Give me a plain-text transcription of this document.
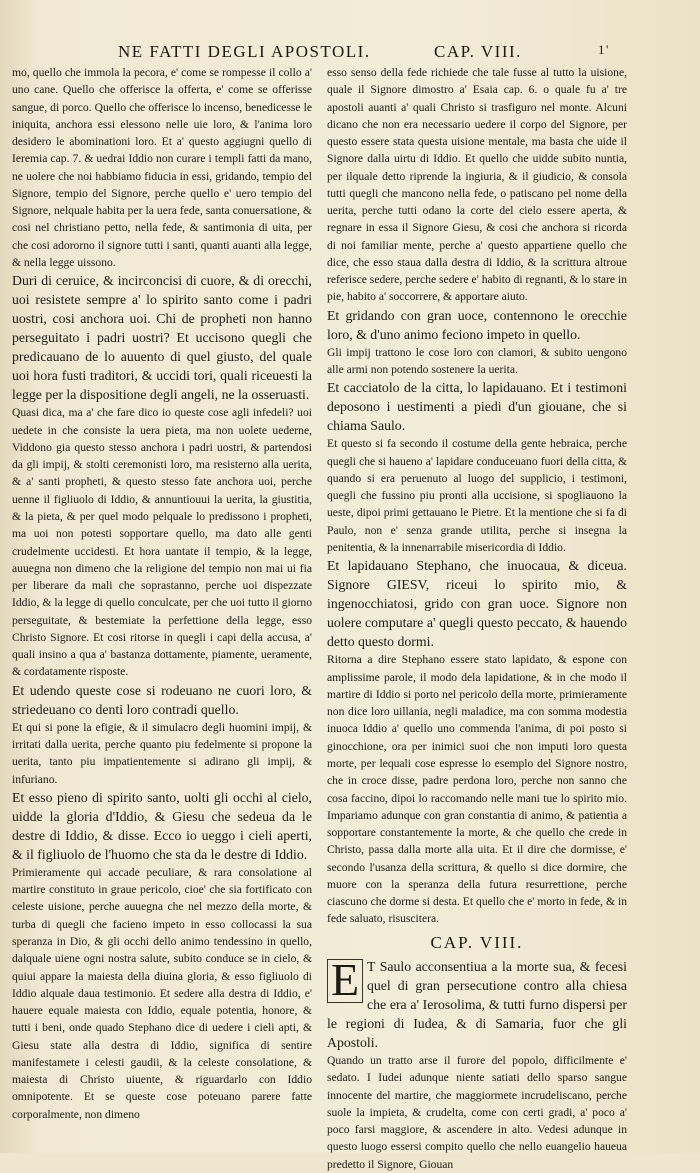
NE FATTI DEGLI APOSTOLI.	CAP. VIII.	1'

mo, quello che immola la pecora, e' come se rompesse il collo a' uno cane. Quello che offerisce la offerta, e' come se offerisse sangue, di porco. Quello che offerisce lo incenso, benedicesse le iniquita, anchora essi elessono nelle uie loro, & l'anima loro desidero le abominationi loro. Et a' questo aggiugni quello di Ieremia cap. 7. & uedrai Iddio non curare i templi fatti da mano, ne uolere che noi habbiamo fiducia in essi, gridando, tempio del Signore, tempio del Signore, perche quello e' uero tempio del Signore, nelquale habita per la uera fede, santa conuersatione, & cosi nel christiano petto, nella fede, & santimonia di uita, per che cosi adororno il signore tutti i santi, quanti auanti alla legge, & nella legge uissono.

Duri di ceruice, & incirconcisi di cuore, & di orecchi, uoi resistete sempre a' lo spirito santo come i padri uostri, cosi anchora uoi. Chi de propheti non hanno perseguitato i padri uostri? Et uccisono quegli che predicauano de lo auuento di quel giusto, del quale uoi hora fusti traditori, & uccidi tori, quali riceuesti la legge per la dispositione degli angeli, ne la osseruasti.

Quasi dica, ma a' che fare dico io queste cose agli infedeli? uoi uedete in che consiste la uera pieta, ma non uolete uederne, Viddono gia questo stesso anchora i padri uostri, & partendosi da gli impij, & stolti ceremonisti loro, ma resisterno alla uerita, & a' santi propheti, & questo stesso fate anchora uoi, perche uenne il figliuolo di Iddio, & annuntiouui la uerita, la giustitia, & la pieta, & per quel modo pelquale lo predissono i propheti, ma uoi non potesti sopportare quello, ma dato alle genti crudelmente uccidesti. Et hora uantate il tempio, & la legge, auuegna non dimeno che la religione del tempio non mai ui fia per liberare da mali che soprastanno, perche uoi dispezzate Iddio, & la legge di quello conculcate, per che uoi tutto il giorno perseguitate, & bestemiate la perfettione della legge, esso Christo Signore. Et cosi ritorse in quegli i capi della accusa, a' quali insino a qua a' bastanza dottamente, piamente, ueramente, & cordatamente risposte.

Et udendo queste cose si rodeuano ne cuori loro, & striedeuano co denti loro contradi quello.

Et qui si pone la efigie, & il simulacro degli huomini impij, & irritati dalla uerita, perche quanto piu fedelmente si propone la uerita, tanto piu impatientemente si adirano gli impij, & infuriano.

Et esso pieno di spirito santo, uolti gli occhi al cielo, uidde la gloria d'Iddio, & Giesu che sedeua da le destre di Iddio, & disse. Ecco io ueggo i cieli aperti, & il figliuolo de l'huomo che sta da le destre di Iddio.

Primieramente qui accade peculiare, & rara consolatione al martire constituto in graue pericolo, cioe' che sia fortificato con celeste uisione, perche auuegna che nel mezzo della morte, & turba di quegli che facieno impeto in esso collocassi la sua speranza in Dio, & gli occhi dello animo tendessino in quello, dalquale uiene ogni nostra salute, subito conduce se in cielo, & quiui appare la maiesta della diuina gloria, & esso figliuolo di Iddio alquale daua testimonio. Et sedere alla destra di Iddio, e' hauere equale maiesta con Iddio, equale potentia, honore, & tutti i beni, onde quado Stephano dice di uedere i cieli apti, & Giesu state alla destra di Iddio, significa di sentire manifestamete i celesti gaudii, & la celeste consolatione, & maiesta di Christo uiuente, & riguardarlo con Iddio omnipotente. Et se queste cose poteuano parere fatte corporalmente, non dimeno

esso senso della fede richiede che tale fusse al tutto la uisione, quale il Signore dimostro a' Esaia cap. 6. o quale fu a' tre apostoli auanti a' quali Christo si trasfiguro nel monte. Alcuni dicano che non era necessario uedere il corpo del Signore, per questo essere stata questa uisione mentale, ma basta che uide il Signore dalla uirtu di Iddio. Et quello che uidde subito nuntia, per ilquale detto riprende la ingiuria, & il giudicio, & consola tutti quegli che mancono nella fede, o patiscano pel nome della uerita, perche tutti odano la corte del cielo essere aperta, & regnare in essa il Signore Giesu, & cosi che anchora si ricorda di noi familiar mente, perche a' questo appartiene quello che dice, che esso staua dalla destra di Iddio, & la scrittura altroue referisce sedere, perche sedere e' habito di regnanti, & lo stare in pie, habito a' soccorrere, & apportare aiuto.

Et gridando con gran uoce, contennono le orecchie loro, & d'uno animo feciono impeto in quello.

Gli impij trattono le cose loro con clamori, & subito uengono alle armi non potendo sostenere la uerita.

Et cacciatolo de la citta, lo lapidauano. Et i testimoni deposono i uestimenti a piedi d'un giouane, che si chiama Saulo.

Et questo si fa secondo il costume della gente hebraica, perche quegli che si haueno a' lapidare conduceuano fuori della citta, & quando si era peruenuto al luogo del supplicio, i testimoni, quegli che fussino piu pronti alla uccisione, si spogliauono la ueste, dipoi primi gettauano le Pietre. Et la mentione che si fa di Paulo, non e' senza grande utilita, perche si insegna la penitentia, & la innenarrabile misericordia di Iddio.

Et lapidauano Stephano, che inuocaua, & diceua. Signore GIESV, riceui lo spirito mio, & ingenocchiatosi, grido con gran uoce. Signore non uolere computare a' quegli questo peccato, & hauendo detto questo dormi.

Ritorna a dire Stephano essere stato lapidato, & espone con amplissime parole, il modo dela lapidatione, & in che modo il martire di Iddio si porto nel pericolo della morte, primieramente non dice loro uillania, negli maladice, ma con somma modestia inuoca Iddio a' quello uno commenda l'anima, di poi posto si ginocchione, ora per inimici suoi che non imputi loro questa morte, per lequali cose espresse lo esemplo del Signore nostro, che in croce disse, padre perdona loro, perche non sanno che cosa faccino, dipoi lo raccomando nelle mani tue lo spirito mio. Impariamo adunque con gran constantia di animo, & patientia a sopportare constantemente la morte, & che quello che crede in Christo, passa dalla morte alla uita. Et il dire che dormisse, e' secondo l'usanza della scrittura, & quello si dice dormire, che muore con la speranza della futura resurrettione, perche ciascuno che dorme si desta. Et quello che e' morto in fede, & in fede saluato, risuscitera.

CAP. VIII.
E T Saulo acconsentiua a la morte sua, & fecesi quel di gran persecutione contro alla chiesa che era a' Ierosolima, & tutti furno dispersi per le regioni di Iudea, & di Samaria, fuor che gli Apostoli.

Quando un tratto arse il furore del popolo, difficilmente e' sedato. I Iudei adunque niente satiati dello sparso sangue innocente del martire, che maggiormete incrudeliscano, perche suole la impieta, & crudelta, come con certi gradi, a' poco a' poco farsi maggiore, & ascendere in alto. Vedesi adunque in questo luogo essersi compito quello che nello euangelio haueua predetto il Signore, Giouan
